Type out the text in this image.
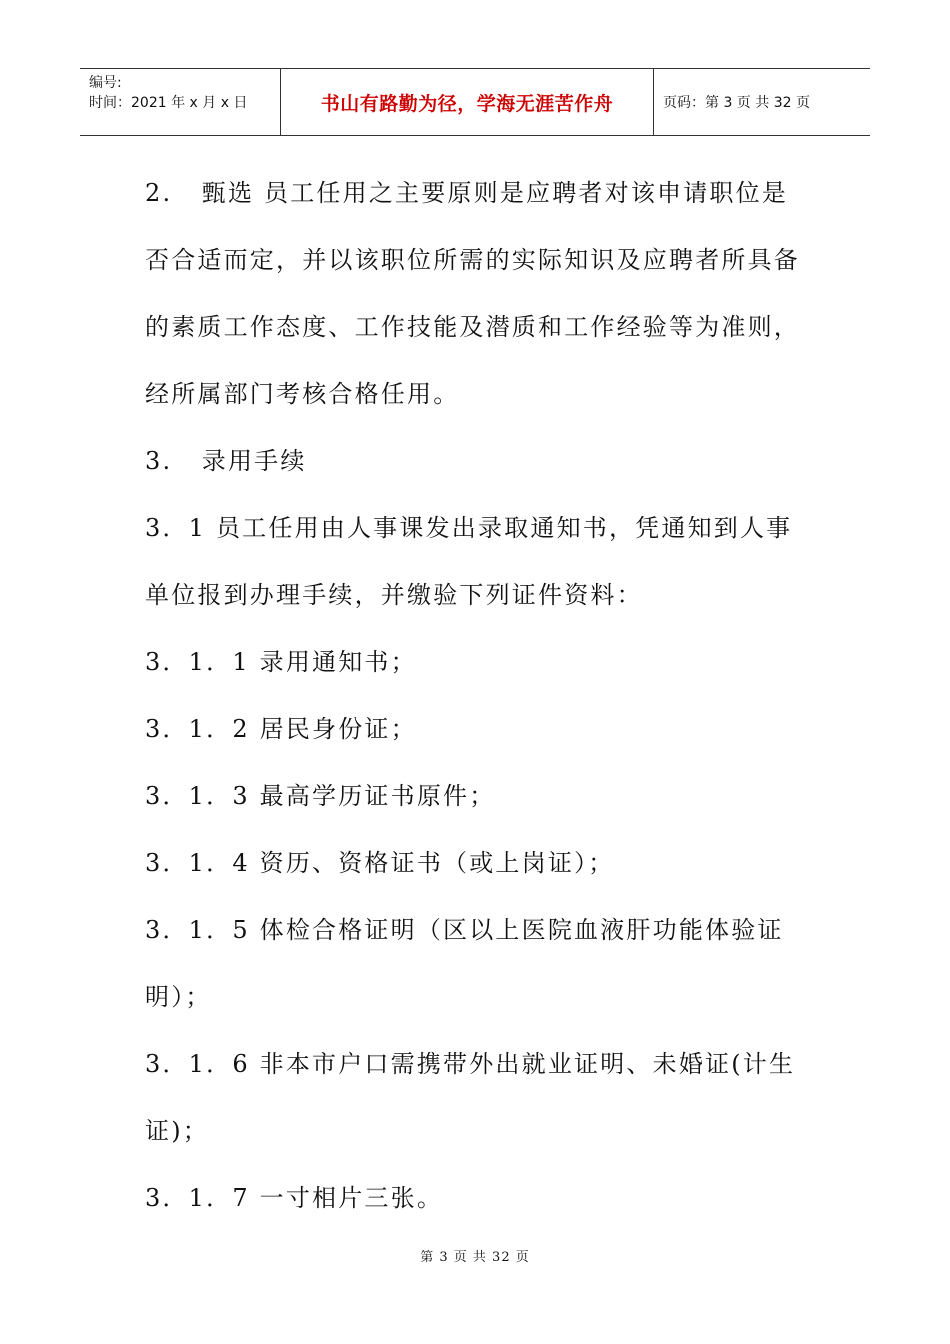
编号:
时间：2021 年 x 月 x 日	书山有路勤为径，学海无涯苦作舟	页码：第 3 页 共 32 页

2.   甄选 员工任用之主要原则是应聘者对该申请职位是否合适而定，并以该职位所需的实际知识及应聘者所具备的素质工作态度、工作技能及潜质和工作经验等为准则，经所属部门考核合格任用。

3.   录用手续

3．1 员工任用由人事课发出录取通知书，凭通知到人事单位报到办理手续，并缴验下列证件资料：

3．1．1 录用通知书；

3．1．2 居民身份证；

3．1．3 最高学历证书原件；

3．1．4 资历、资格证书（或上岗证）；

3．1．5 体检合格证明（区以上医院血液肝功能体验证明）；

3．1．6 非本市户口需携带外出就业证明、未婚证(计生证)；

3．1．7 一寸相片三张。

第 3 页 共 32 页
